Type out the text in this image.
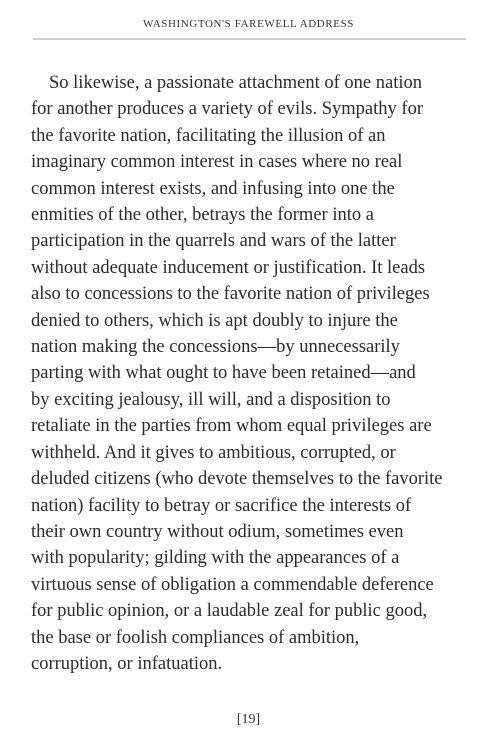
WASHINGTON'S FAREWELL ADDRESS
So likewise, a passionate attachment of one nation
for another produces a variety of evils. Sympathy for
the favorite nation, facilitating the illusion of an
imaginary common interest in cases where no real
common interest exists, and infusing into one the
enmities of the other, betrays the former into a
participation in the quarrels and wars of the latter
without adequate inducement or justification. It leads
also to concessions to the favorite nation of privileges
denied to others, which is apt doubly to injure the
nation making the concessions—by unnecessarily
parting with what ought to have been retained—and
by exciting jealousy, ill will, and a disposition to
retaliate in the parties from whom equal privileges are
withheld. And it gives to ambitious, corrupted, or
deluded citizens (who devote themselves to the favorite
nation) facility to betray or sacrifice the interests of
their own country without odium, sometimes even
with popularity; gilding with the appearances of a
virtuous sense of obligation a commendable deference
for public opinion, or a laudable zeal for public good,
the base or foolish compliances of ambition,
corruption, or infatuation.
[19]
